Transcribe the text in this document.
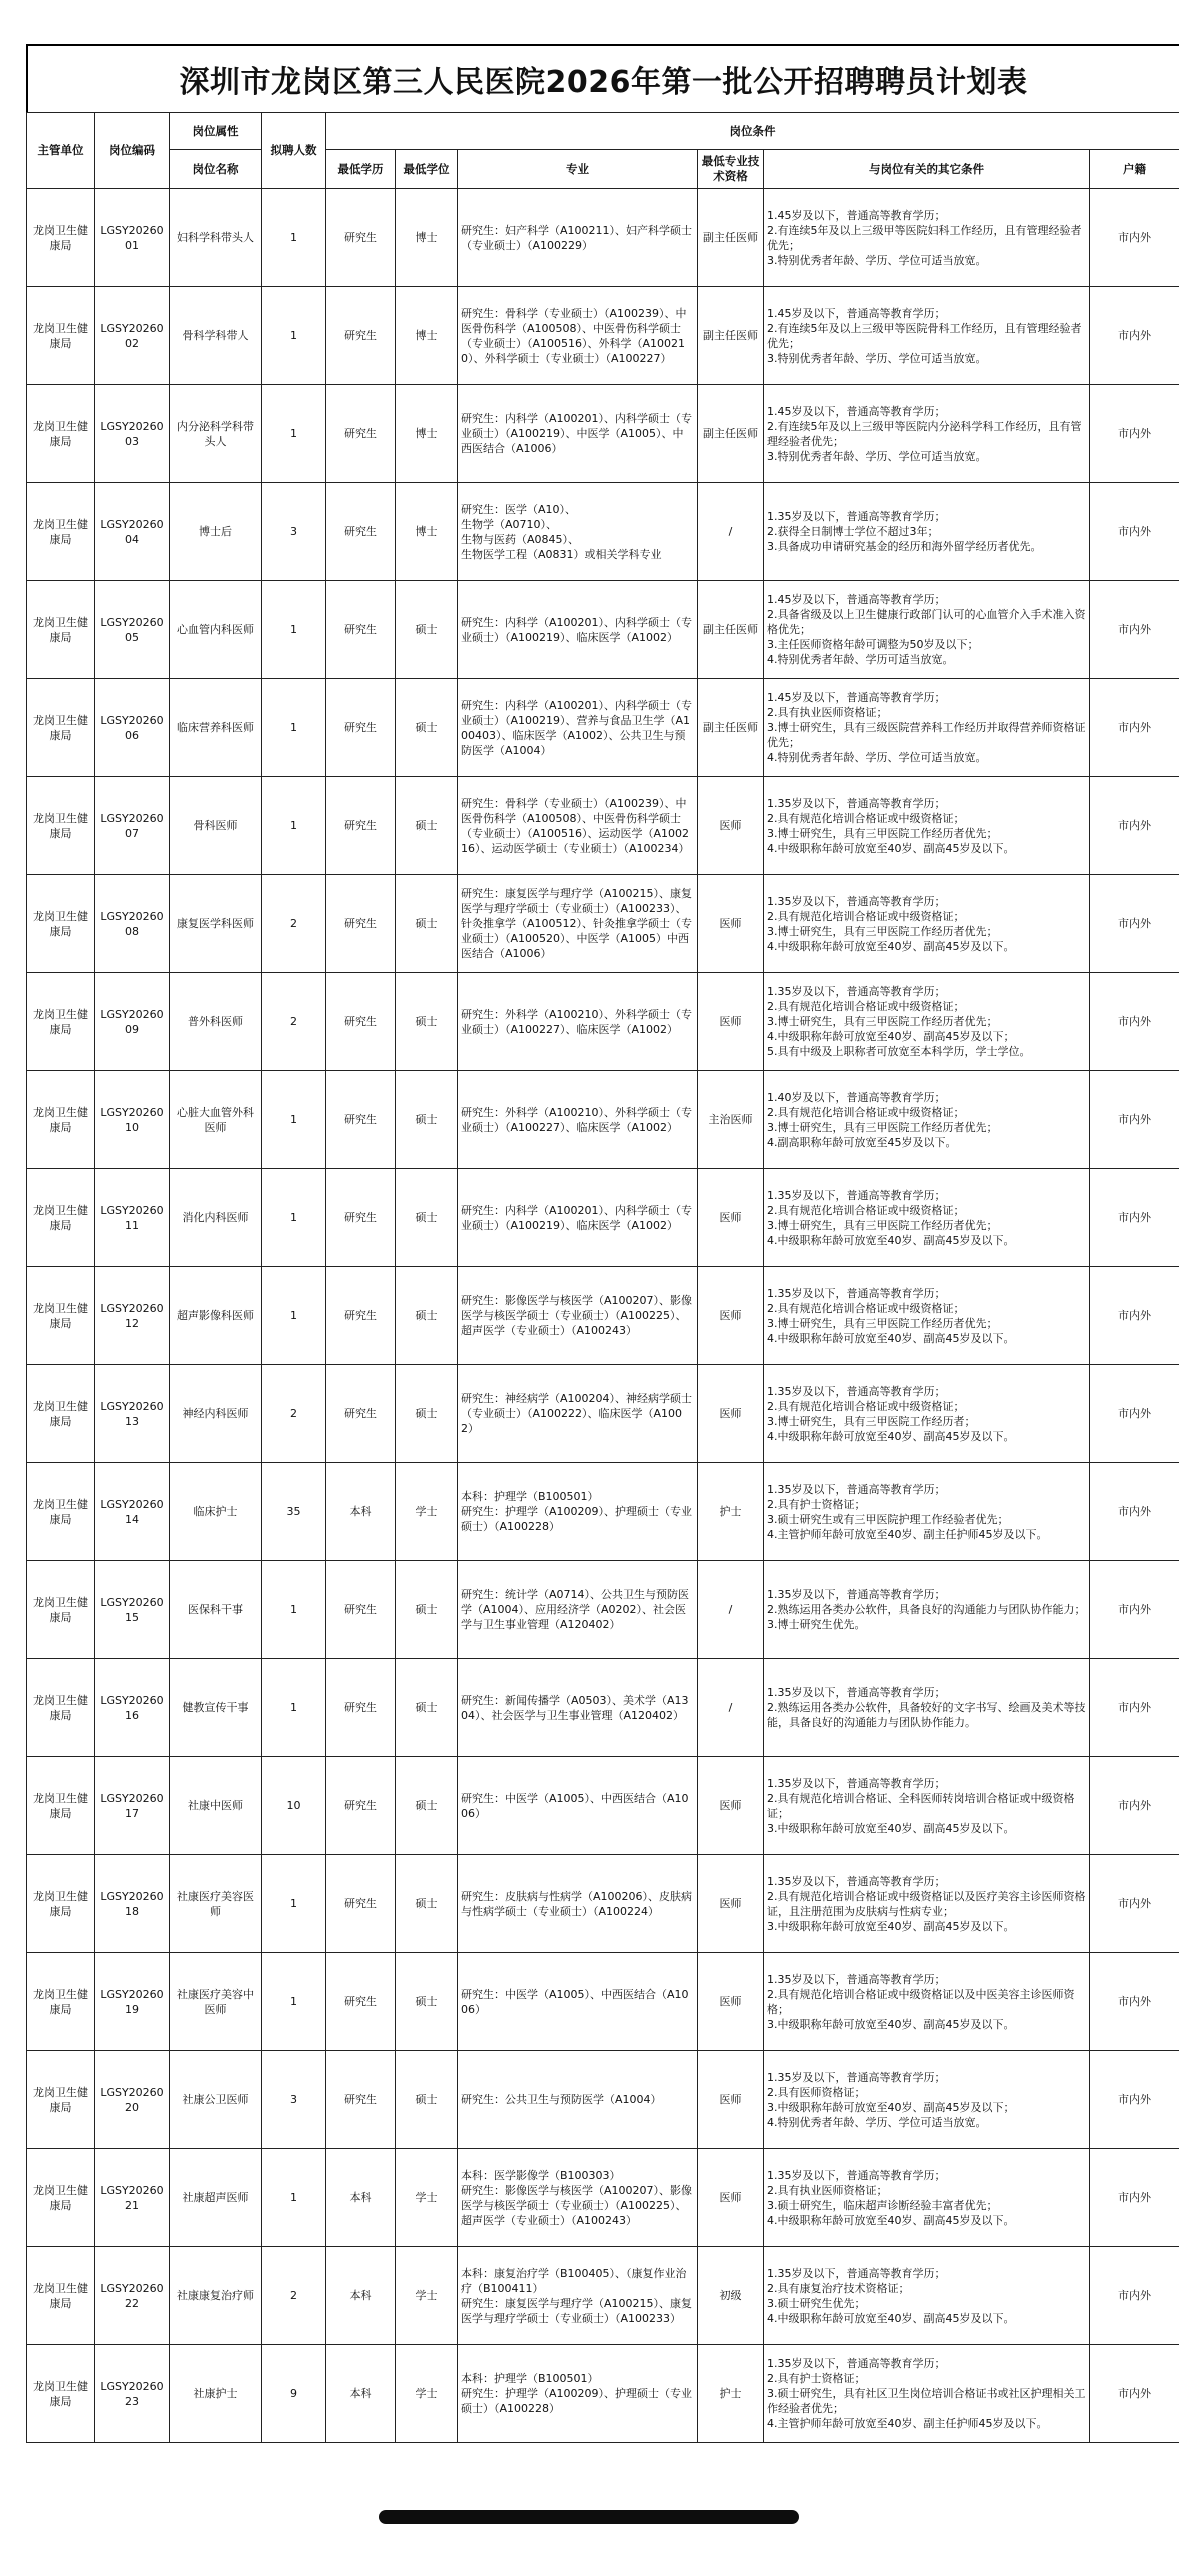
深圳市龙岗区第三人民医院2026年第一批公开招聘聘员计划表
主管单位	岗位编码	岗位属性	拟聘人数	岗位条件					
		岗位名称		最低学历	最低学位	专业	最低专业技术资格	与岗位有关的其它条件	户籍
龙岗卫生健康局	LGSY2026001	妇科学科带头人	1	研究生	博士	研究生：妇产科学（A100211）、妇产科学硕士（专业硕士）（A100229）	副主任医师	1.45岁及以下，普通高等教育学历；
2.有连续5年及以上三级甲等医院妇科工作经历，且有管理经验者优先；
3.特别优秀者年龄、学历、学位可适当放宽。	市内外
龙岗卫生健康局	LGSY2026002	骨科学科带人	1	研究生	博士	研究生：骨科学（专业硕士）（A100239）、中医骨伤科学（A100508）、中医骨伤科学硕士（专业硕士）（A100516）、外科学（A100210）、外科学硕士（专业硕士）（A100227）	副主任医师	1.45岁及以下，普通高等教育学历；
2.有连续5年及以上三级甲等医院骨科工作经历，且有管理经验者优先；
3.特别优秀者年龄、学历、学位可适当放宽。	市内外
龙岗卫生健康局	LGSY2026003	内分泌科学科带头人	1	研究生	博士	研究生：内科学（A100201）、内科学硕士（专业硕士）（A100219）、中医学（A1005）、中西医结合（A1006）	副主任医师	1.45岁及以下，普通高等教育学历；
2.有连续5年及以上三级甲等医院内分泌科学科工作经历，且有管理经验者优先；
3.特别优秀者年龄、学历、学位可适当放宽。	市内外
龙岗卫生健康局	LGSY2026004	博士后	3	研究生	博士	研究生：医学（A10）、
生物学（A0710）、
生物与医药（A0845）、
生物医学工程（A0831）或相关学科专业	/	1.35岁及以下，普通高等教育学历；
2.获得全日制博士学位不超过3年；
3.具备成功申请研究基金的经历和海外留学经历者优先。	市内外
龙岗卫生健康局	LGSY2026005	心血管内科医师	1	研究生	硕士	研究生：内科学（A100201）、内科学硕士（专业硕士）（A100219）、临床医学（A1002）	副主任医师	1.45岁及以下，普通高等教育学历；
2.具备省级及以上卫生健康行政部门认可的心血管介入手术准入资格优先；
3.主任医师资格年龄可调整为50岁及以下；
4.特别优秀者年龄、学历可适当放宽。	市内外
龙岗卫生健康局	LGSY2026006	临床营养科医师	1	研究生	硕士	研究生：内科学（A100201）、内科学硕士（专业硕士）（A100219）、营养与食品卫生学（A100403）、临床医学（A1002）、公共卫生与预防医学（A1004）	副主任医师	1.45岁及以下，普通高等教育学历；
2.具有执业医师资格证；
3.博士研究生，具有三级医院营养科工作经历并取得营养师资格证优先；
4.特别优秀者年龄、学历、学位可适当放宽。	市内外
龙岗卫生健康局	LGSY2026007	骨科医师	1	研究生	硕士	研究生：骨科学（专业硕士）（A100239）、中医骨伤科学（A100508）、中医骨伤科学硕士（专业硕士）（A100516）、运动医学（A100216）、运动医学硕士（专业硕士）（A100234）	医师	1.35岁及以下，普通高等教育学历；
2.具有规范化培训合格证或中级资格证；
3.博士研究生，具有三甲医院工作经历者优先；
4.中级职称年龄可放宽至40岁、副高45岁及以下。	市内外
龙岗卫生健康局	LGSY2026008	康复医学科医师	2	研究生	硕士	研究生：康复医学与理疗学（A100215）、康复医学与理疗学硕士（专业硕士）（A100233）、针灸推拿学（A100512）、针灸推拿学硕士（专业硕士）（A100520）、中医学（A1005）中西医结合（A1006）	医师	1.35岁及以下，普通高等教育学历；
2.具有规范化培训合格证或中级资格证；
3.博士研究生，具有三甲医院工作经历者优先；
4.中级职称年龄可放宽至40岁、副高45岁及以下。	市内外
龙岗卫生健康局	LGSY2026009	普外科医师	2	研究生	硕士	研究生：外科学（A100210）、外科学硕士（专业硕士）（A100227）、临床医学（A1002）	医师	1.35岁及以下，普通高等教育学历；
2.具有规范化培训合格证或中级资格证；
3.博士研究生，具有三甲医院工作经历者优先；
4.中级职称年龄可放宽至40岁、副高45岁及以下；
5.具有中级及上职称者可放宽至本科学历，学士学位。	市内外
龙岗卫生健康局	LGSY2026010	心脏大血管外科医师	1	研究生	硕士	研究生：外科学（A100210）、外科学硕士（专业硕士）（A100227）、临床医学（A1002）	主治医师	1.40岁及以下，普通高等教育学历；
2.具有规范化培训合格证或中级资格证；
3.博士研究生，具有三甲医院工作经历者优先；
4.副高职称年龄可放宽至45岁及以下。	市内外
龙岗卫生健康局	LGSY2026011	消化内科医师	1	研究生	硕士	研究生：内科学（A100201）、内科学硕士（专业硕士）（A100219）、临床医学（A1002）	医师	1.35岁及以下，普通高等教育学历；
2.具有规范化培训合格证或中级资格证；
3.博士研究生，具有三甲医院工作经历者优先；
4.中级职称年龄可放宽至40岁、副高45岁及以下。	市内外
龙岗卫生健康局	LGSY2026012	超声影像科医师	1	研究生	硕士	研究生：影像医学与核医学（A100207）、影像医学与核医学硕士（专业硕士）（A100225）、超声医学（专业硕士）（A100243）	医师	1.35岁及以下，普通高等教育学历；
2.具有规范化培训合格证或中级资格证；
3.博士研究生，具有三甲医院工作经历者优先；
4.中级职称年龄可放宽至40岁、副高45岁及以下。	市内外
龙岗卫生健康局	LGSY2026013	神经内科医师	2	研究生	硕士	研究生：神经病学（A100204）、神经病学硕士（专业硕士）（A100222）、临床医学（A1002）	医师	1.35岁及以下，普通高等教育学历；
2.具有规范化培训合格证或中级资格证；
3.博士研究生，具有三甲医院工作经历者；
4.中级职称年龄可放宽至40岁、副高45岁及以下。	市内外
龙岗卫生健康局	LGSY2026014	临床护士	35	本科	学士	本科：护理学（B100501）
研究生：护理学（A100209）、护理硕士（专业硕士）（A100228）	护士	1.35岁及以下，普通高等教育学历；
2.具有护士资格证；
3.硕士研究生或有三甲医院护理工作经验者优先；
4.主管护师年龄可放宽至40岁、副主任护师45岁及以下。	市内外
龙岗卫生健康局	LGSY2026015	医保科干事	1	研究生	硕士	研究生：统计学（A0714）、公共卫生与预防医学（A1004）、应用经济学（A0202）、社会医学与卫生事业管理（A120402）	/	1.35岁及以下，普通高等教育学历；
2.熟练运用各类办公软件，具备良好的沟通能力与团队协作能力；
3.博士研究生优先。	市内外
龙岗卫生健康局	LGSY2026016	健教宣传干事	1	研究生	硕士	研究生：新闻传播学（A0503）、美术学（A1304）、社会医学与卫生事业管理（A120402）	/	1.35岁及以下，普通高等教育学历；
2.熟练运用各类办公软件，具备较好的文字书写、绘画及美术等技能，具备良好的沟通能力与团队协作能力。	市内外
龙岗卫生健康局	LGSY2026017	社康中医师	10	研究生	硕士	研究生：中医学（A1005）、中西医结合（A1006）	医师	1.35岁及以下，普通高等教育学历；
2.具有规范化培训合格证、全科医师转岗培训合格证或中级资格证；
3.中级职称年龄可放宽至40岁、副高45岁及以下。	市内外
龙岗卫生健康局	LGSY2026018	社康医疗美容医师	1	研究生	硕士	研究生：皮肤病与性病学（A100206）、皮肤病与性病学硕士（专业硕士）（A100224）	医师	1.35岁及以下，普通高等教育学历；
2.具有规范化培训合格证或中级资格证以及医疗美容主诊医师资格证，且注册范围为皮肤病与性病专业；
3.中级职称年龄可放宽至40岁、副高45岁及以下。	市内外
龙岗卫生健康局	LGSY2026019	社康医疗美容中医师	1	研究生	硕士	研究生：中医学（A1005）、中西医结合（A1006）	医师	1.35岁及以下，普通高等教育学历；
2.具有规范化培训合格证或中级资格证以及中医美容主诊医师资格；
3.中级职称年龄可放宽至40岁、副高45岁及以下。	市内外
龙岗卫生健康局	LGSY2026020	社康公卫医师	3	研究生	硕士	研究生：公共卫生与预防医学（A1004）	医师	1.35岁及以下，普通高等教育学历；
2.具有医师资格证；
3.中级职称年龄可放宽至40岁、副高45岁及以下；
4.特别优秀者年龄、学历、学位可适当放宽。	市内外
龙岗卫生健康局	LGSY2026021	社康超声医师	1	本科	学士	本科：医学影像学（B100303）
研究生：影像医学与核医学（A100207）、影像医学与核医学硕士（专业硕士）（A100225）、超声医学（专业硕士）（A100243）	医师	1.35岁及以下，普通高等教育学历；
2.具有执业医师资格证；
3.硕士研究生，临床超声诊断经验丰富者优先；
4.中级职称年龄可放宽至40岁、副高45岁及以下。	市内外
龙岗卫生健康局	LGSY2026022	社康康复治疗师	2	本科	学士	本科：康复治疗学（B100405）、（康复作业治疗（B100411）
研究生：康复医学与理疗学（A100215）、康复医学与理疗学硕士（专业硕士）（A100233）	初级	1.35岁及以下，普通高等教育学历；
2.具有康复治疗技术资格证；
3.硕士研究生优先；
4.中级职称年龄可放宽至40岁、副高45岁及以下。	市内外
龙岗卫生健康局	LGSY2026023	社康护士	9	本科	学士	本科：护理学（B100501）
研究生：护理学（A100209）、护理硕士（专业硕士）（A100228）	护士	1.35岁及以下，普通高等教育学历；
2.具有护士资格证；
3.硕士研究生，具有社区卫生岗位培训合格证书或社区护理相关工作经验者优先；
4.主管护师年龄可放宽至40岁、副主任护师45岁及以下。	市内外
